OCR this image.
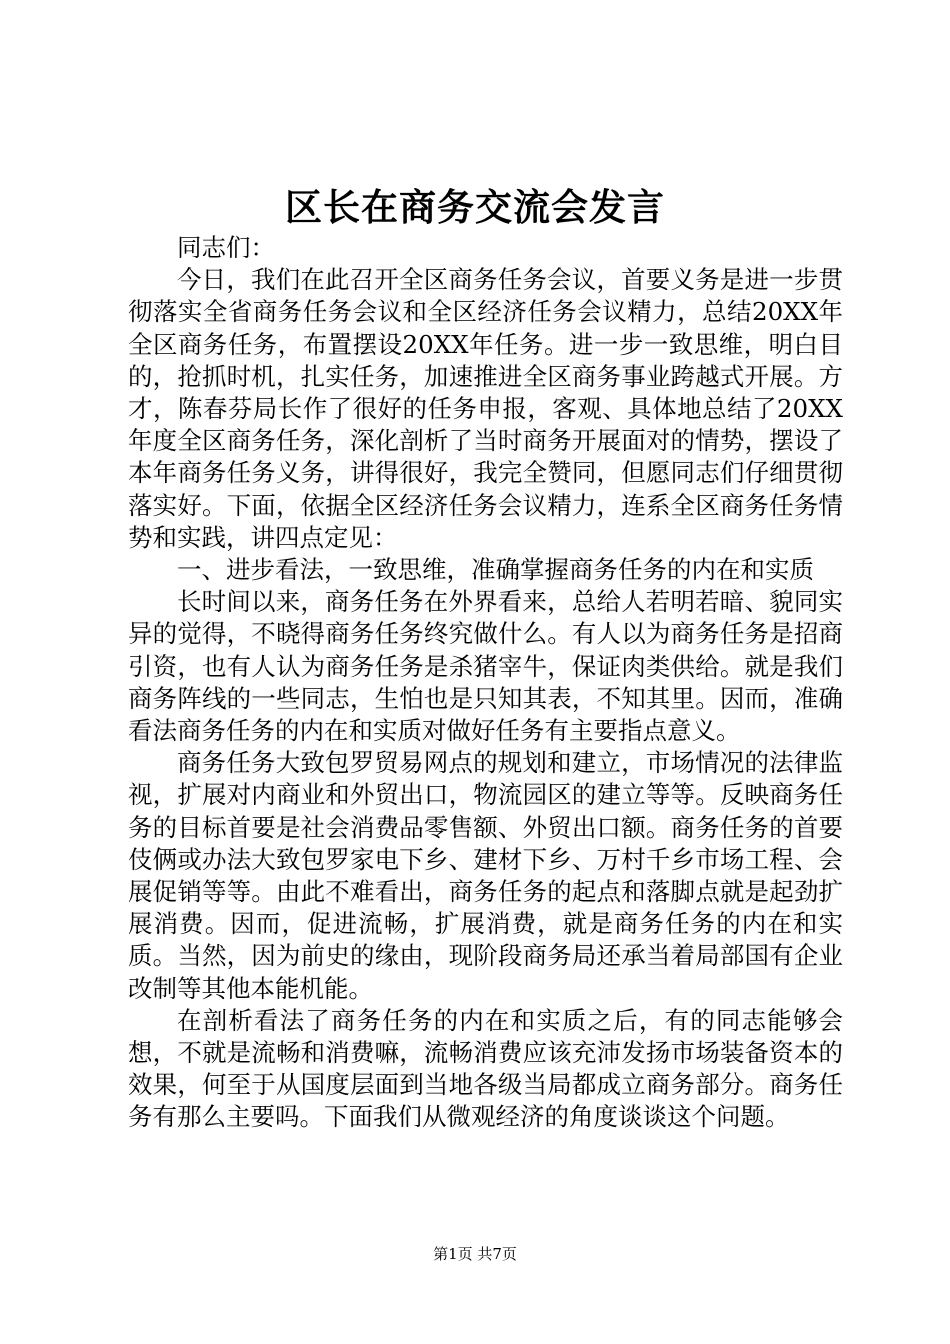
区长在商务交流会发言

同志们：

今日，我们在此召开全区商务任务会议，首要义务是进一步贯彻落实全省商务任务会议和全区经济任务会议精力，总结20XX年全区商务任务，布置摆设20XX年任务。进一步一致思维，明白目的，抢抓时机，扎实任务，加速推进全区商务事业跨越式开展。方才，陈春芬局长作了很好的任务申报，客观、具体地总结了20XX年度全区商务任务，深化剖析了当时商务开展面对的情势，摆设了本年商务任务义务，讲得很好，我完全赞同，但愿同志们仔细贯彻落实好。下面，依据全区经济任务会议精力，连系全区商务任务情势和实践，讲四点定见：

一、进步看法，一致思维，准确掌握商务任务的内在和实质

长时间以来，商务任务在外界看来，总给人若明若暗、貌同实异的觉得，不晓得商务任务终究做什么。有人以为商务任务是招商引资，也有人认为商务任务是杀猪宰牛，保证肉类供给。就是我们商务阵线的一些同志，生怕也是只知其表，不知其里。因而，准确看法商务任务的内在和实质对做好任务有主要指点意义。

商务任务大致包罗贸易网点的规划和建立，市场情况的法律监视，扩展对内商业和外贸出口，物流园区的建立等等。反映商务任务的目标首要是社会消费品零售额、外贸出口额。商务任务的首要伎俩或办法大致包罗家电下乡、建材下乡、万村千乡市场工程、会展促销等等。由此不难看出，商务任务的起点和落脚点就是起劲扩展消费。因而，促进流畅，扩展消费，就是商务任务的内在和实质。当然，因为前史的缘由，现阶段商务局还承当着局部国有企业改制等其他本能机能。

在剖析看法了商务任务的内在和实质之后，有的同志能够会想，不就是流畅和消费嘛，流畅消费应该充沛发扬市场装备资本的效果，何至于从国度层面到当地各级当局都成立商务部分。商务任务有那么主要吗。下面我们从微观经济的角度谈谈这个问题。

第1页 共7页
